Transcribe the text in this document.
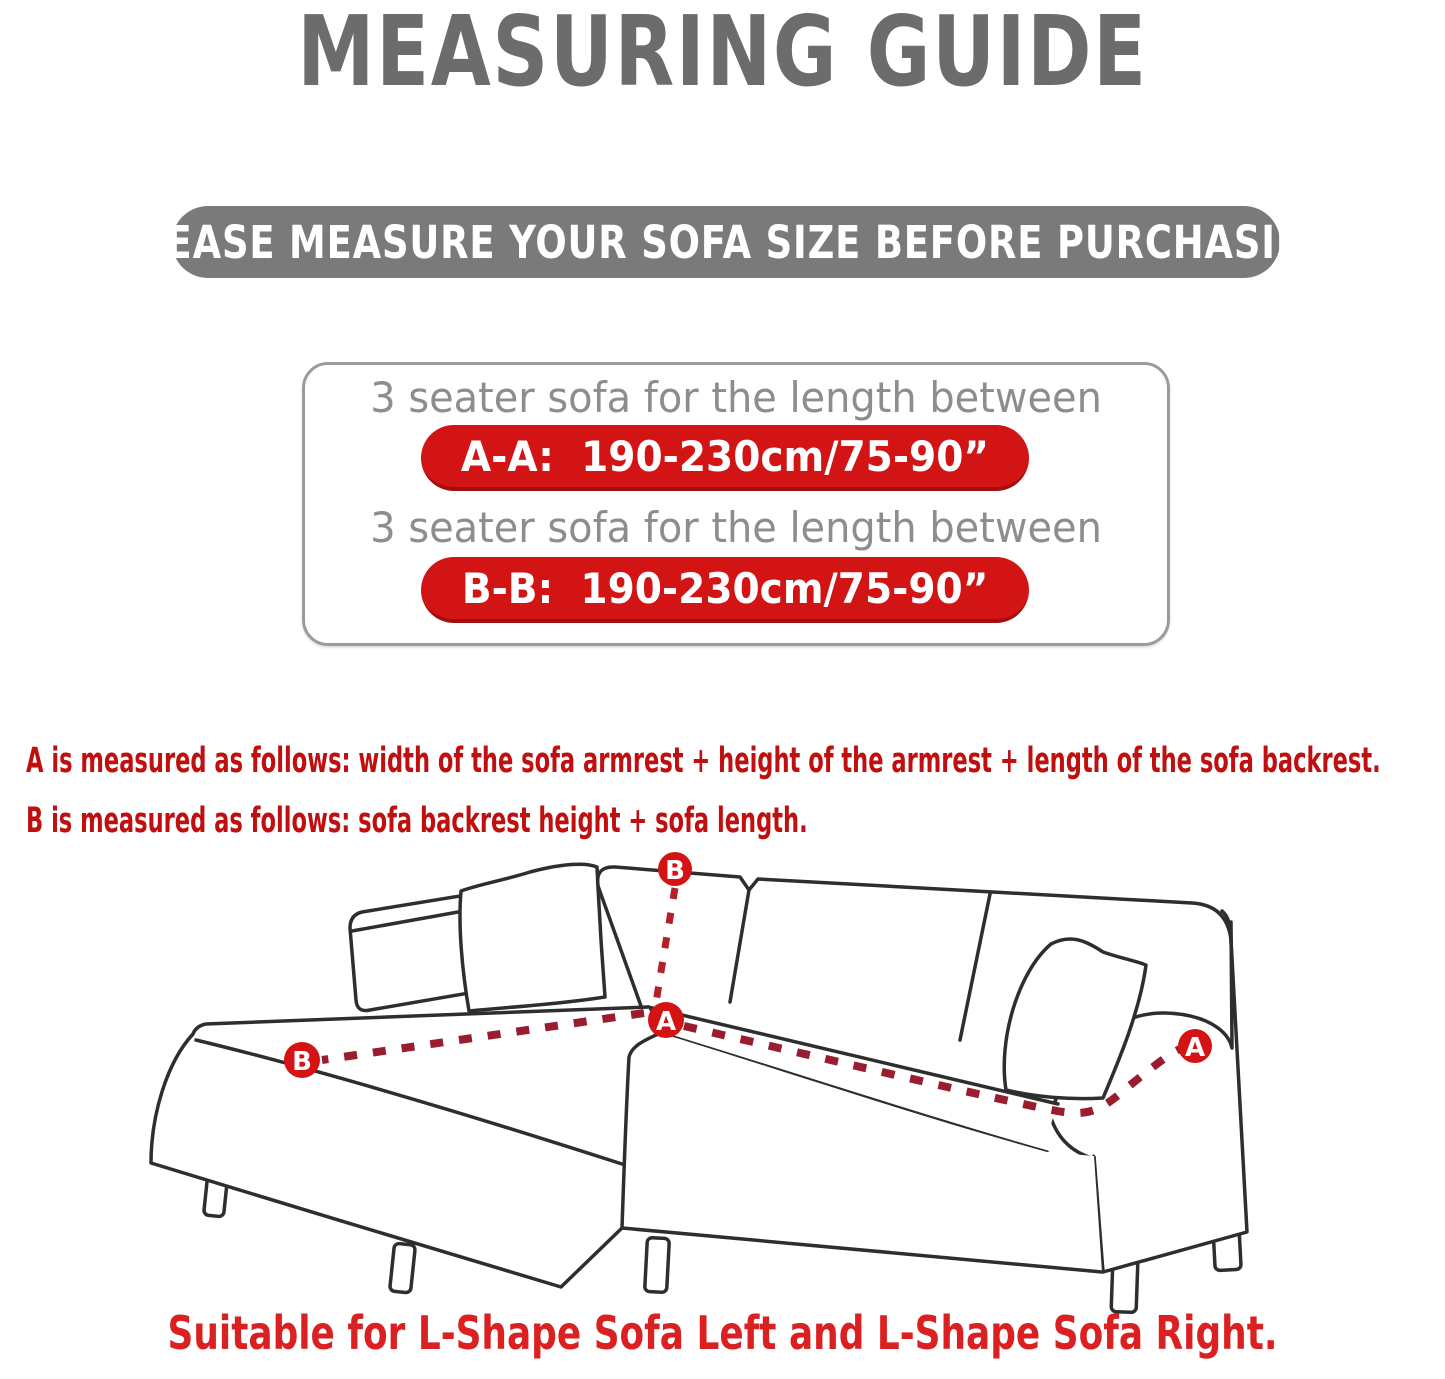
MEASURING GUIDE
PLEASE MEASURE YOUR SOFA SIZE BEFORE PURCHASING
3 seater sofa for the length between
A-A:  190-230cm/75-90”
3 seater sofa for the length between
B-B:  190-230cm/75-90”

A is measured as follows: width of the sofa armrest + height of the armrest + length of the sofa backrest.

B is measured as follows: sofa backrest height + sofa length.

B
A
B	A
Suitable for L-Shape Sofa Left and L-Shape Sofa Right.
